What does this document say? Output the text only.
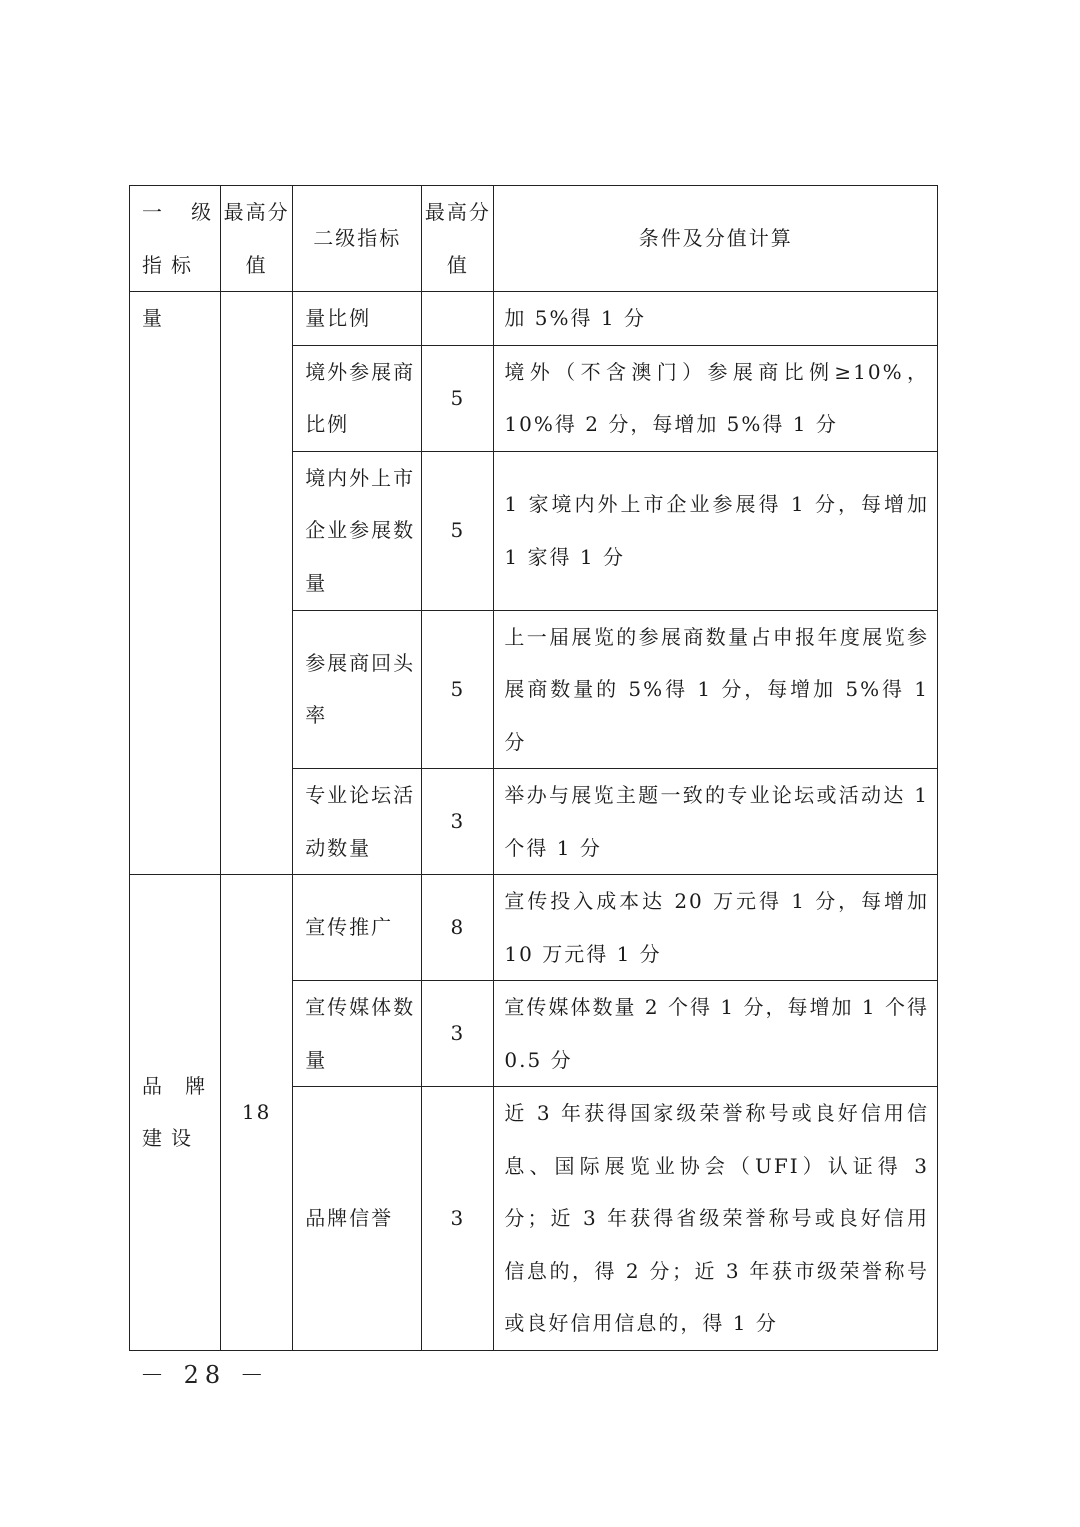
一级指标	最高分值	二级指标	最高分值	条件及分值计算
量		量比例		加 5%得 1 分
		境外参展商比例	5	境外（不含澳门）参展商比例≥10%，10%得 2 分，每增加 5%得 1 分
		境内外上市企业参展数量	5	1 家境内外上市企业参展得 1 分，每增加 1 家得 1 分
		参展商回头率	5	上一届展览的参展商数量占申报年度展览参展商数量的 5%得 1 分，每增加 5%得 1 分
		专业论坛活动数量	3	举办与展览主题一致的专业论坛或活动达 1 个得 1 分
品牌建设	18	宣传推广	8	宣传投入成本达 20 万元得 1 分，每增加 10 万元得 1 分
		宣传媒体数量	3	宣传媒体数量 2 个得 1 分，每增加 1 个得 0.5 分
		品牌信誉	3	近 3 年获得国家级荣誉称号或良好信用信息、国际展览业协会（UFI）认证得 3 分；近 3 年获得省级荣誉称号或良好信用信息的，得 2 分；近 3 年获市级荣誉称号或良好信用信息的，得 1 分
－ 28 －
